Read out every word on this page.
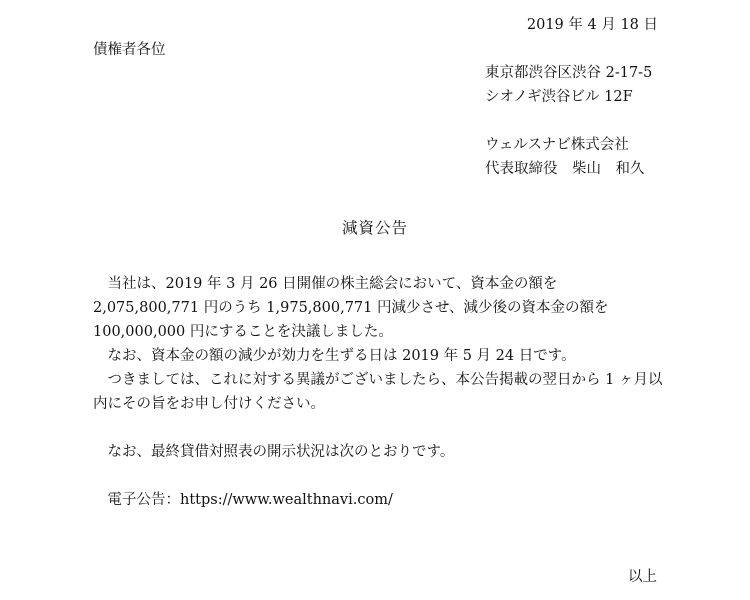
2019 年 4 月 18 日
債権者各位
東京都渋谷区渋谷 2-17-5
シオノギ渋谷ビル 12F
ウェルスナビ株式会社
代表取締役　柴山　和久
減資公告

当社は、2019 年 3 月 26 日開催の株主総会において、資本金の額を 2,075,800,771 円のうち 1,975,800,771 円減少させ、減少後の資本金の額を 100,000,000 円にすることを決議しました。

なお、資本金の額の減少が効力を生ずる日は 2019 年 5 月 24 日です。

つきましては、これに対する異議がございましたら、本公告掲載の翌日から 1 ヶ月以内にその旨をお申し付けください。

なお、最終貸借対照表の開示状況は次のとおりです。

電子公告：https://www.wealthnavi.com/

以上
